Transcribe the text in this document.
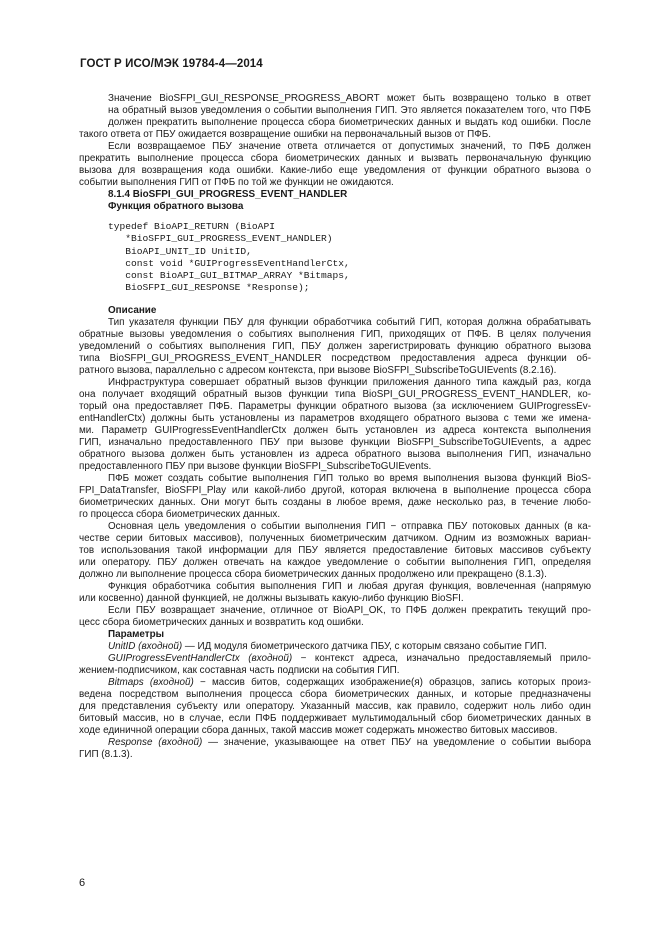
ГОСТ Р ИСО/МЭК 19784-4—2014
Значение BioSFPI_GUI_RESPONSE_PROGRESS_ABORT может быть возвращено только в ответ
на обратный вызов уведомления о событии выполнения ГИП. Это является показателем того, что ПФБ
должен прекратить выполнение процесса сбора биометрических данных и выдать код ошибки. После
такого ответа от ПБУ ожидается возвращение ошибки на первоначальный вызов от ПФБ.
Если возвращаемое ПБУ значение ответа отличается от допустимых значений, то ПФБ должен
прекратить выполнение процесса сбора биометрических данных и вызвать первоначальную функцию
вызова для возвращения кода ошибки. Какие-либо еще уведомления от функции обратного вызова о
событии выполнения ГИП от ПФБ по той же функции не ожидаются.
8.1.4 BioSFPI_GUI_PROGRESS_EVENT_HANDLER
Функция обратного вызова
typedef BioAPI_RETURN (BioAPI
*BioSFPI_GUI_PROGRESS_EVENT_HANDLER)
BioAPI_UNIT_ID UnitID,
const void *GUIProgressEventHandlerCtx,
const BioAPI_GUI_BITMAP_ARRAY *Bitmaps,
BioSFPI_GUI_RESPONSE *Response);
Описание
Тип указателя функции ПБУ для функции обработчика событий ГИП, которая должна обрабатывать
обратные вызовы уведомления о событиях выполнения ГИП, приходящих от ПФБ. В целях получения
уведомлений о событиях выполнения ГИП, ПБУ должен зарегистрировать функцию обратного вызова
типа BioSFPI_GUI_PROGRESS_EVENT_HANDLER посредством предоставления адреса функции об-
ратного вызова, параллельно с адресом контекста, при вызове BioSFPI_SubscribeToGUIEvents (8.2.16).
Инфраструктура совершает обратный вызов функции приложения данного типа каждый раз, когда
она получает входящий обратный вызов функции типа BioSPI_GUI_PROGRESS_EVENT_HANDLER, ко-
торый она предоставляет ПФБ. Параметры функции обратного вызова (за исключением GUIProgressEv-
entHandlerCtx) должны быть установлены из параметров входящего обратного вызова с теми же имена-
ми. Параметр GUIProgressEventHandlerCtx должен быть установлен из адреса контекста выполнения
ГИП, изначально предоставленного ПБУ при вызове функции BioSFPI_SubscribeToGUIEvents, а адрес
обратного вызова должен быть установлен из адреса обратного вызова выполнения ГИП, изначально
предоставленного ПБУ при вызове функции BioSFPI_SubscribeToGUIEvents.
ПФБ может создать событие выполнения ГИП только во время выполнения вызова функций BioS-
FPI_DataTransfer, BioSFPI_Play или какой-либо другой, которая включена в выполнение процесса сбора
биометрических данных. Они могут быть созданы в любое время, даже несколько раз, в течение любо-
го процесса сбора биометрических данных.
Основная цель уведомления о событии выполнения ГИП − отправка ПБУ потоковых данных (в ка-
честве серии битовых массивов), полученных биометрическим датчиком. Одним из возможных вариан-
тов использования такой информации для ПБУ является предоставление битовых массивов субъекту
или оператору. ПБУ должен отвечать на каждое уведомление о событии выполнения ГИП, определяя
должно ли выполнение процесса сбора биометрических данных продолжено или прекращено (8.1.3).
Функция обработчика события выполнения ГИП и любая другая функция, вовлеченная (напрямую
или косвенно) данной функцией, не должны вызывать какую-либо функцию BioSFI.
Если ПБУ возвращает значение, отличное от BioAPI_OK, то ПФБ должен прекратить текущий про-
цесс сбора биометрических данных и возвратить код ошибки.
Параметры
UnitID (входной) — ИД модуля биометрического датчика ПБУ, с которым связано событие ГИП.
GUIProgressEventHandlerCtx (входной) − контекст адреса, изначально предоставляемый прило-
жением-подписчиком, как составная часть подписки на события ГИП.
Bitmaps (входной) − массив битов, содержащих изображение(я) образцов, запись которых произ-
ведена посредством выполнения процесса сбора биометрических данных, и которые предназначены
для представления субъекту или оператору. Указанный массив, как правило, содержит ноль либо один
битовый массив, но в случае, если ПФБ поддерживает мультимодальный сбор биометрических данных в
ходе единичной операции сбора данных, такой массив может содержать множество битовых массивов.
Response (входной) — значение, указывающее на ответ ПБУ на уведомление о событии выбора
ГИП (8.1.3).
6
